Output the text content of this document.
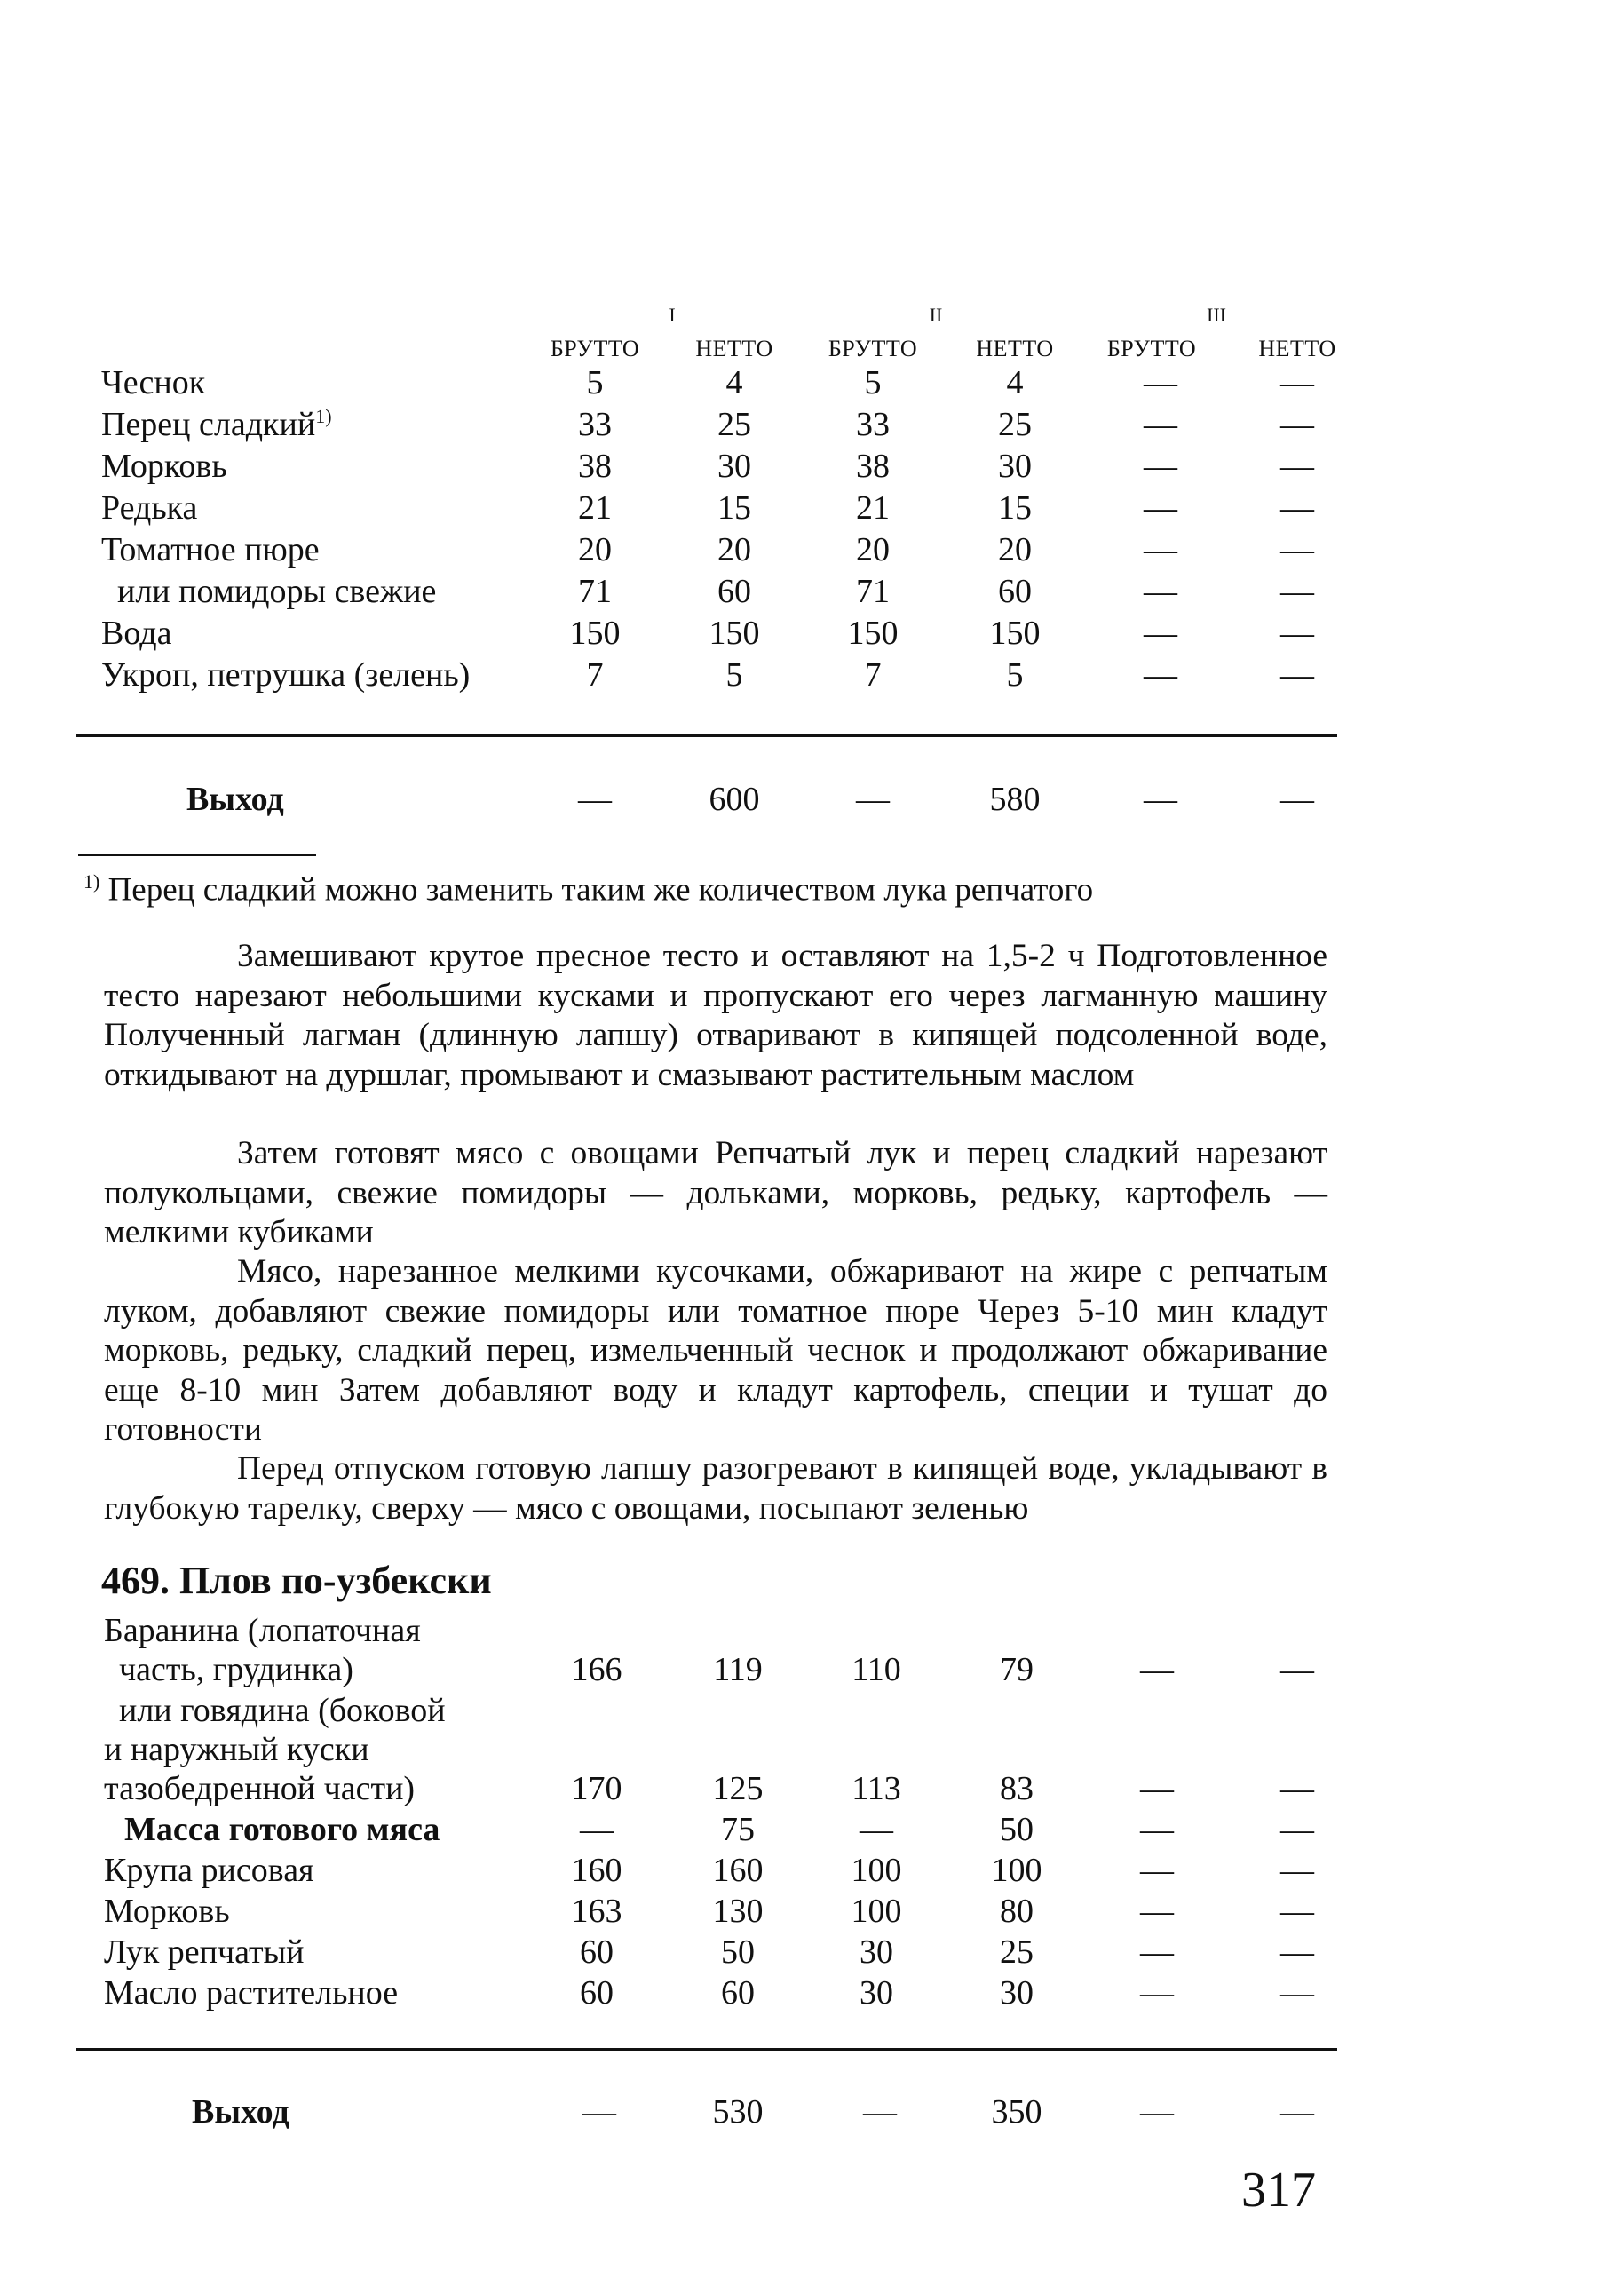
I	II	III
БРУТТО	НЕТТО	БРУТТО	НЕТТО	БРУТТО	НЕТТО
Чеснок	5	4	5	4	—	—
Перец сладкий$^{1)}$	33	25	33	25	—	—
Морковь	38	30	38	30	—	—
Редька	21	15	21	15	—	—
Томатное пюре	20	20	20	20	—	—
или помидоры свежие	71	60	71	60	—	—
Вода	150	150	150	150	—	—
Укроп, петрушка (зелень)	7	5	7	5	—	—
Выход	—	600	—	580	—	—
$^{1)}$ Перец сладкий можно заменить таким же количеством лука репчатого

Замешивают крутое пресное тесто и оставляют на 1,5-2 ч Подготовленное тесто нарезают небольшими кусками и пропускают его через лагманную машину Полученный лагман (длинную лапшу) отваривают в кипящей подсоленной воде, откидывают на дуршлаг, промывают и смазывают растительным маслом

Затем готовят мясо с овощами Репчатый лук и перец сладкий нарезают полукольцами, свежие помидоры — дольками, морковь, редьку, картофель — мелкими кубиками

Мясо, нарезанное мелкими кусочками, обжаривают на жире с репчатым луком, добавляют свежие помидоры или томатное пюре Через 5-10 мин кладут морковь, редьку, сладкий перец, измельченный чеснок и продолжают обжаривание еще 8-10 мин Затем добавляют воду и кладут картофель, специи и тушат до готовности

Перед отпуском готовую лапшу разогревают в кипящей воде, укладывают в глубокую тарелку, сверху — мясо с овощами, посыпают зеленью

469. Плов по-узбекски
Баранина (лопаточная
часть, грудинка)	166	119	110	79	—	—
или говядина (боковой
и наружный куски
тазобедренной части)	170	125	113	83	—	—
Масса готового мяса	—	75	—	50	—	—
Крупа рисовая	160	160	100	100	—	—
Морковь	163	130	100	80	—	—
Лук репчатый	60	50	30	25	—	—
Масло растительное	60	60	30	30	—	—
Выход	—	530	—	350	—	—
317
